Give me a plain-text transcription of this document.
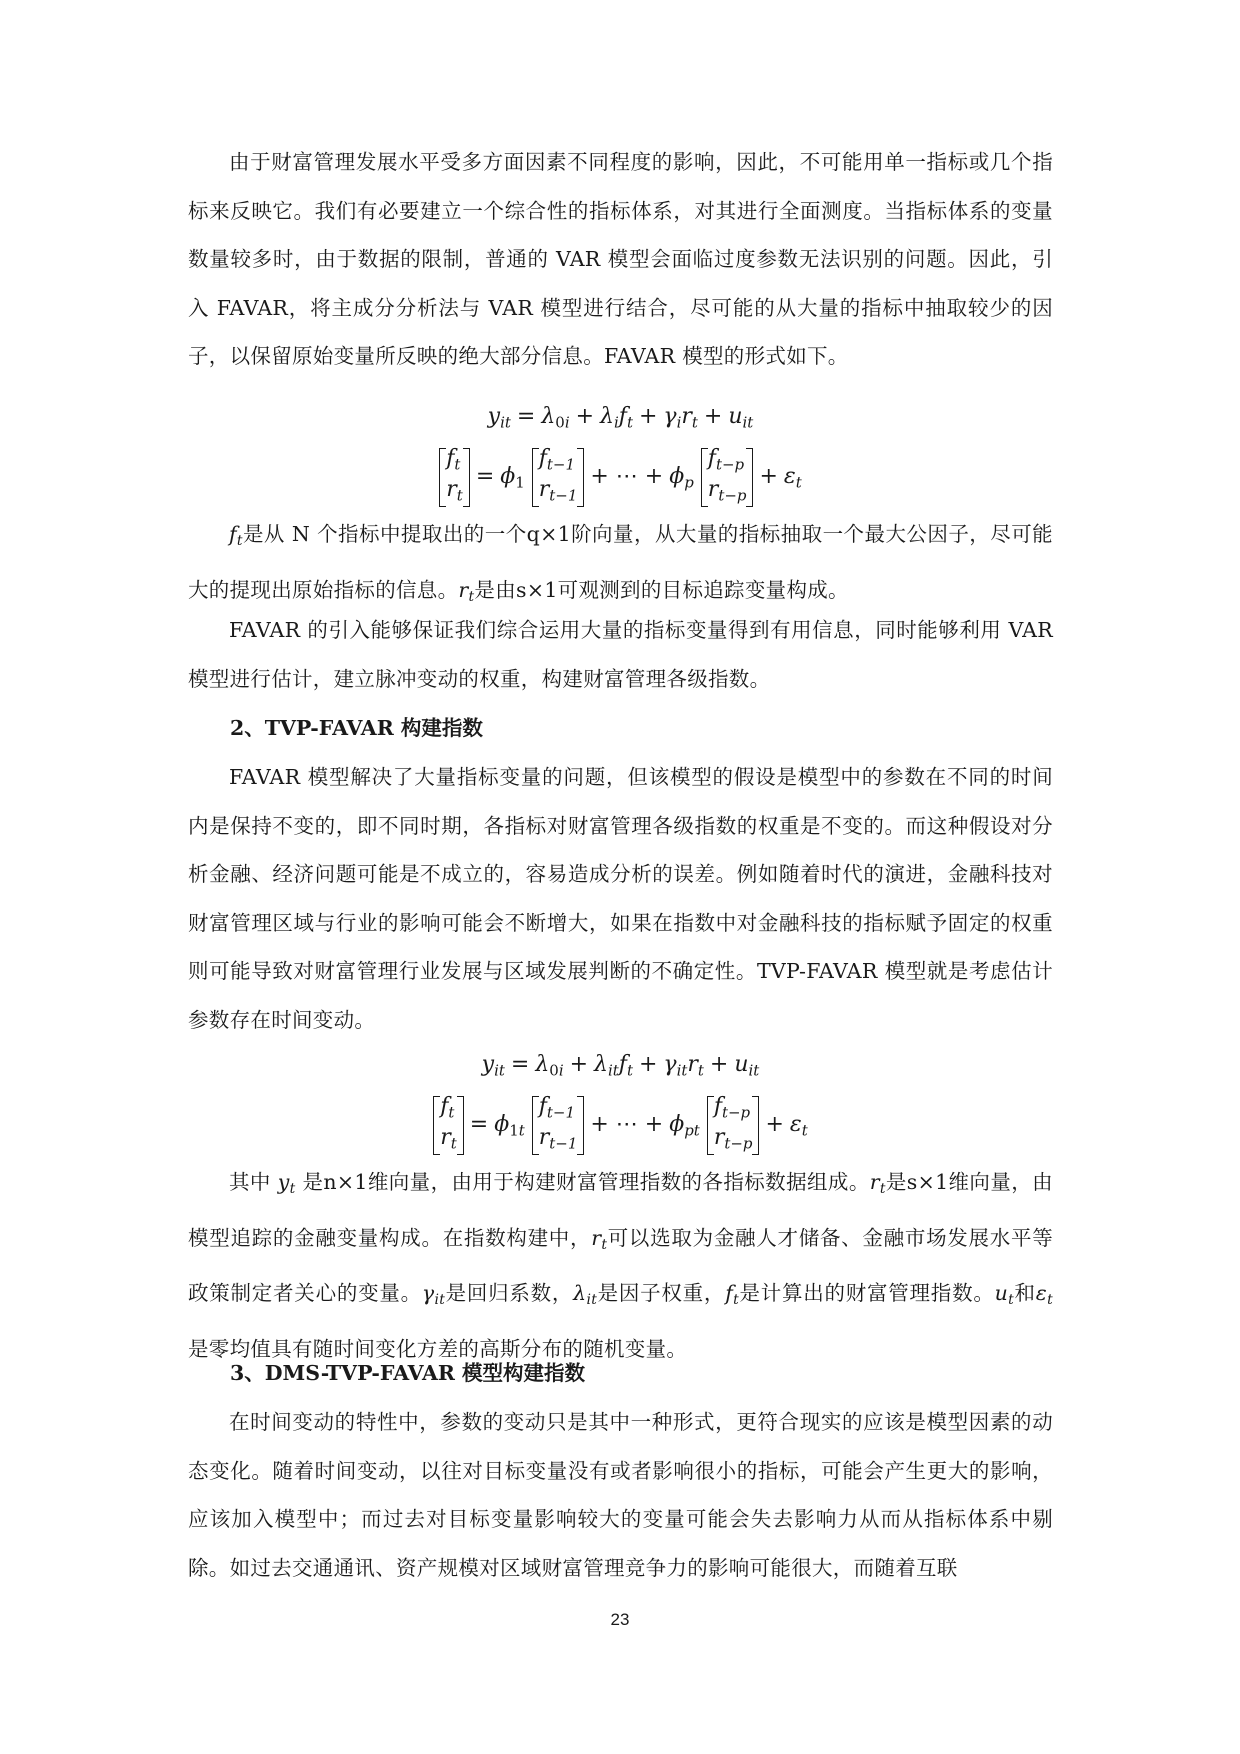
由于财富管理发展水平受多方面因素不同程度的影响，因此，不可能用单一指标或几个指标来反映它。我们有必要建立一个综合性的指标体系，对其进行全面测度。当指标体系的变量数量较多时，由于数据的限制，普通的 VAR 模型会面临过度参数无法识别的问题。因此，引入 FAVAR，将主成分分析法与 VAR 模型进行结合，尽可能的从大量的指标中抽取较少的因子，以保留原始变量所反映的绝大部分信息。FAVAR 模型的形式如下。
$y_{it} = \lambda_{0i} + \lambda_if_t + \gamma_ir_t + u_{it}$
$f_t$
$r_t$
= $\phi_1$
$f_{t-1}$
$r_{t-1}$
+ ⋯ + $\phi_p$
$f_{t-p}$
$r_{t-p}$
+ $\varepsilon_t$
$f_t$是从 N 个指标中提取出的一个q×1阶向量，从大量的指标抽取一个最大公因子，尽可能大的提现出原始指标的信息。$r_t$是由s×1可观测到的目标追踪变量构成。
FAVAR 的引入能够保证我们综合运用大量的指标变量得到有用信息，同时能够利用 VAR 模型进行估计，建立脉冲变动的权重，构建财富管理各级指数。
2、TVP-FAVAR 构建指数
FAVAR 模型解决了大量指标变量的问题，但该模型的假设是模型中的参数在不同的时间内是保持不变的，即不同时期，各指标对财富管理各级指数的权重是不变的。而这种假设对分析金融、经济问题可能是不成立的，容易造成分析的误差。例如随着时代的演进，金融科技对财富管理区域与行业的影响可能会不断增大，如果在指数中对金融科技的指标赋予固定的权重则可能导致对财富管理行业发展与区域发展判断的不确定性。TVP-FAVAR 模型就是考虑估计参数存在时间变动。
$y_{it} = \lambda_{0i} + \lambda_{it}f_t + \gamma_{it}r_t + u_{it}$
$f_t$
$r_t$
= $\phi_{1t}$
$f_{t-1}$
$r_{t-1}$
+ ⋯ + $\phi_{pt}$
$f_{t-p}$
$r_{t-p}$
+ $\varepsilon_t$
其中 $y_t$ 是n×1维向量，由用于构建财富管理指数的各指标数据组成。$r_t$是s×1维向量，由模型追踪的金融变量构成。在指数构建中，$r_t$可以选取为金融人才储备、金融市场发展水平等政策制定者关心的变量。$\gamma_{it}$是回归系数，$\lambda_{it}$是因子权重，$f_t$是计算出的财富管理指数。$u_t$和$\varepsilon_t$是零均值具有随时间变化方差的高斯分布的随机变量。
3、DMS-TVP-FAVAR 模型构建指数
在时间变动的特性中，参数的变动只是其中一种形式，更符合现实的应该是模型因素的动态变化。随着时间变动，以往对目标变量没有或者影响很小的指标，可能会产生更大的影响，应该加入模型中；而过去对目标变量影响较大的变量可能会失去影响力从而从指标体系中剔除。如过去交通通讯、资产规模对区域财富管理竞争力的影响可能很大，而随着互联
23
